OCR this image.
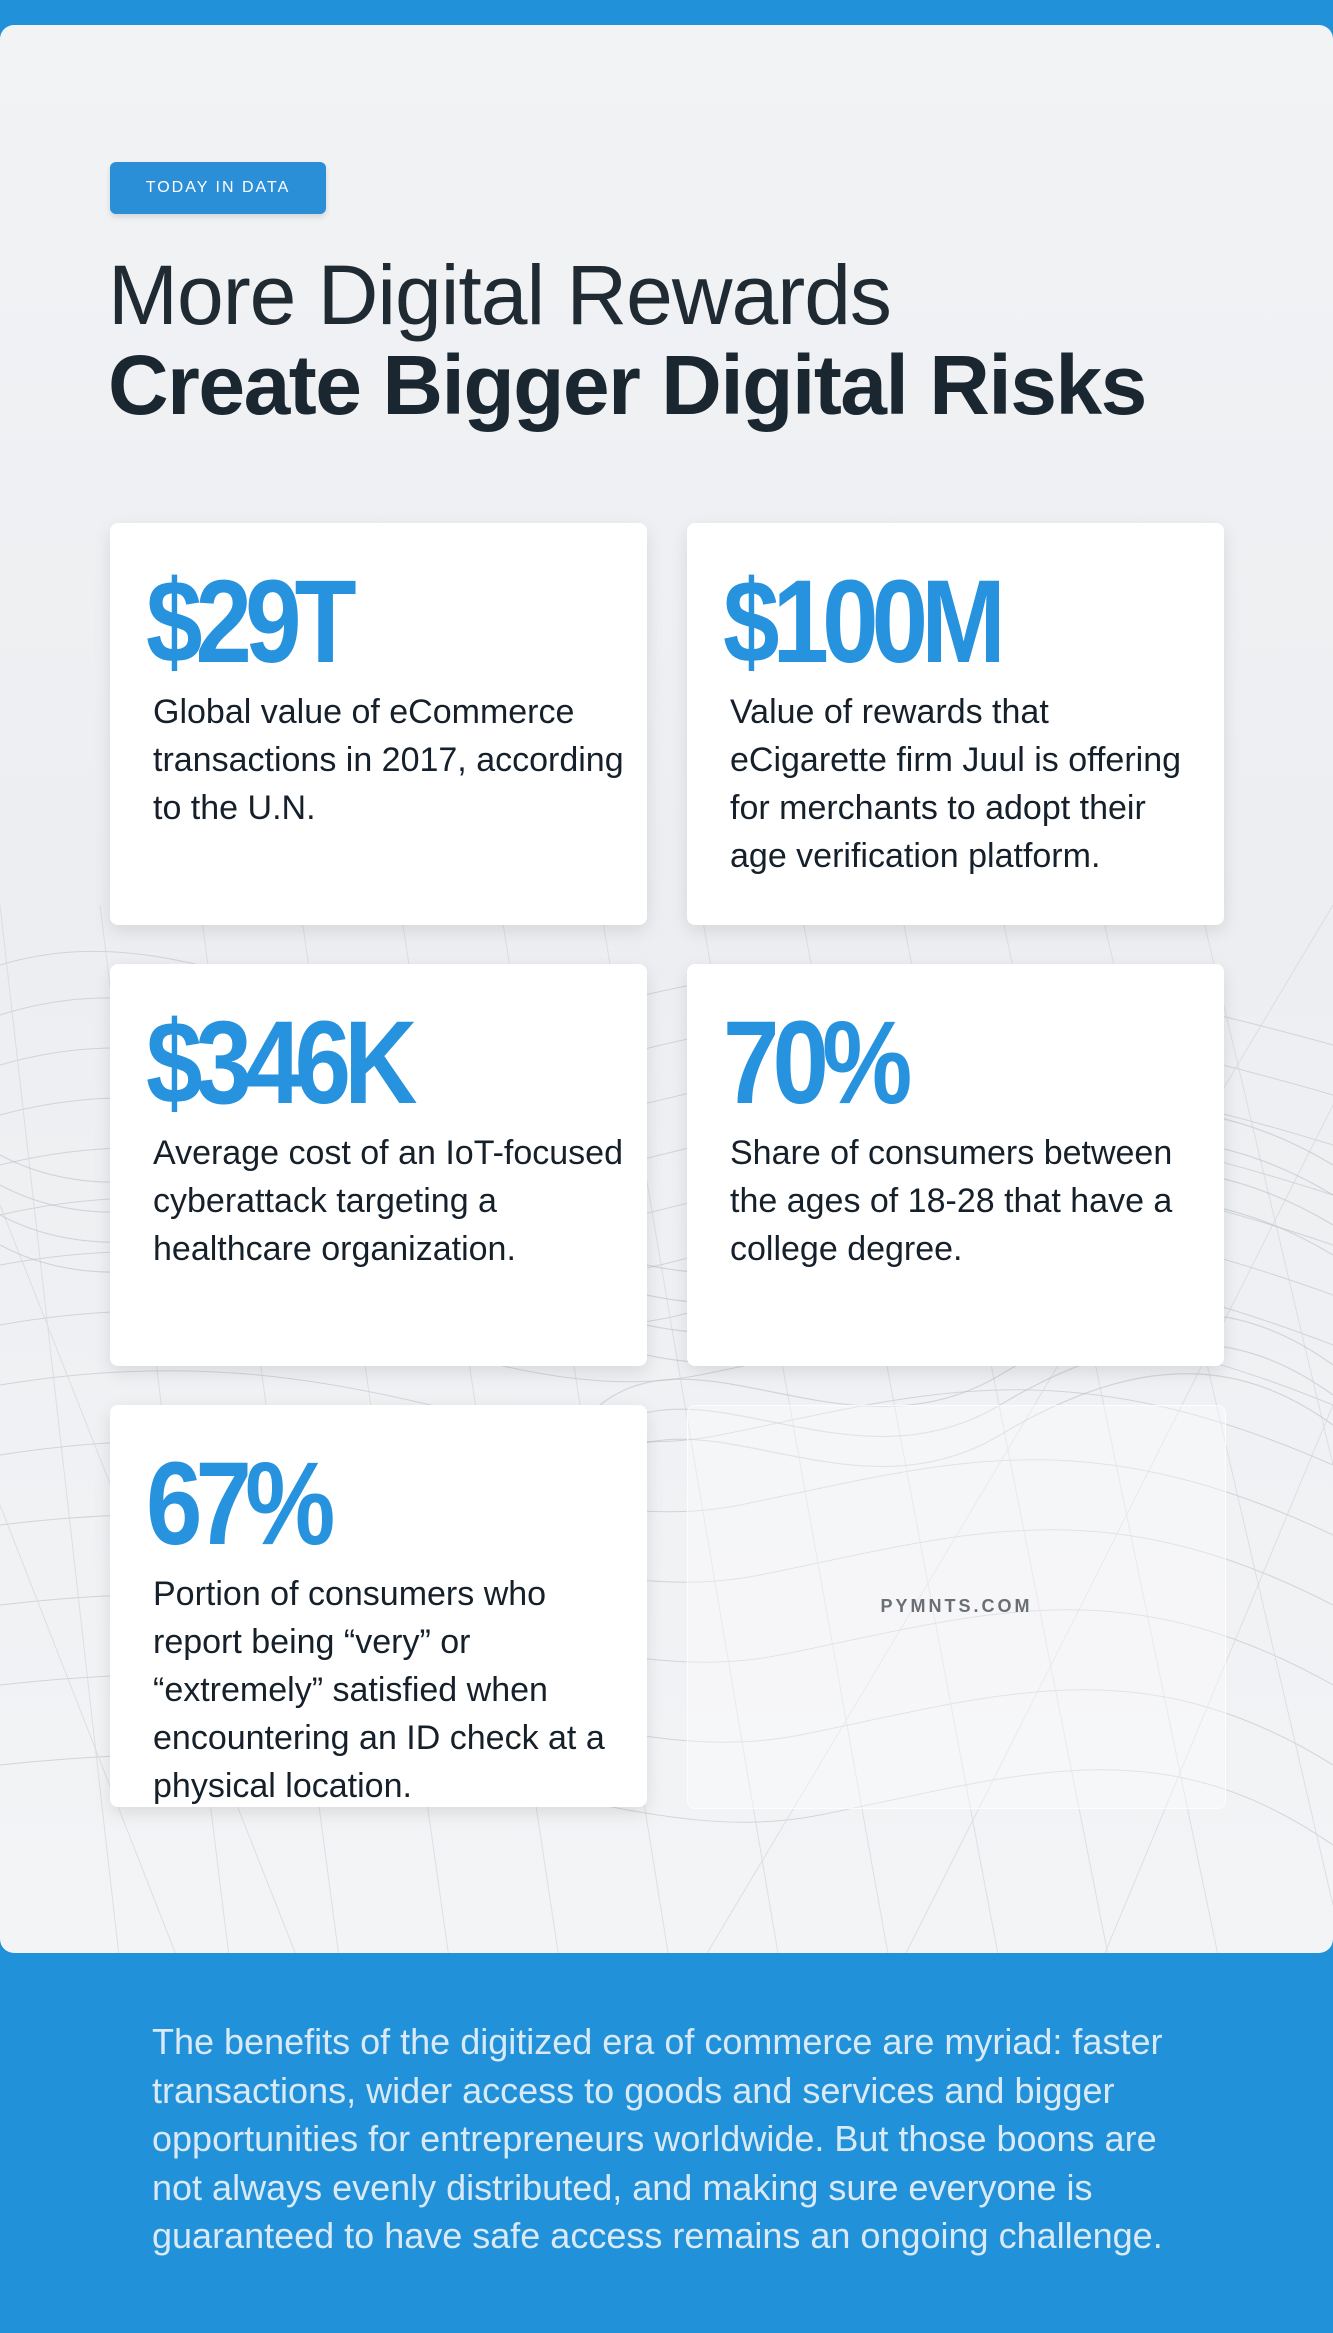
TODAY IN DATA
More Digital Rewards
Create Bigger Digital Risks
$29T
Global value of eCommerce transactions in 2017, according to the U.N.
$100M
Value of rewards that eCigarette firm Juul is offering for merchants to adopt their age verification platform.
$346K
Average cost of an IoT-focused cyberattack targeting a healthcare organization.
70%
Share of consumers between the ages of 18-28 that have a college degree.
67%
Portion of consumers who report being “very” or “extremely” satisfied when encountering an ID check at a physical location.
PYMNTS.COM
The benefits of the digitized era of commerce are myriad: faster transactions, wider access to goods and services and bigger opportunities for entrepreneurs worldwide. But those boons are not always evenly distributed, and making sure everyone is guaranteed to have safe access remains an ongoing challenge.
